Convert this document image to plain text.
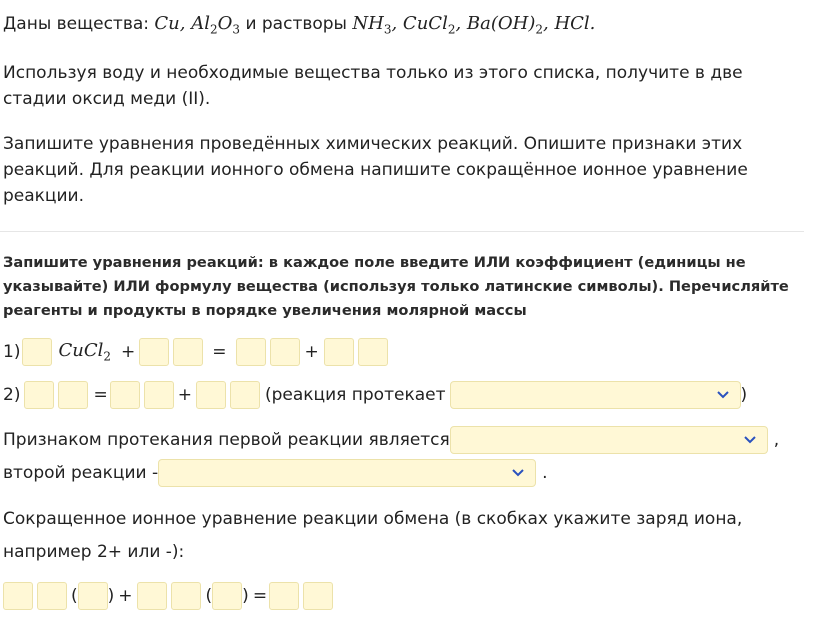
Даны вещества: Cu, $Al_2O_3$ и растворы $NH_3$, CuCl$_2$, $Ba(OH)_2$, HCl.

Используя воду и необходимые вещества только из этого списка, получите в две стадии оксид меди (II).

Запишите уравнения проведённых химических реакций. Опишите признаки этих реакций. Для реакции ионного обмена напишите сокращённое ионное уравнение реакции.

Запишите уравнения реакций: в каждое поле введите ИЛИ коэффициент (единицы не указывайте) ИЛИ формулу вещества (используя только латинские символы). Перечисляйте реагенты и продукты в порядке увеличения молярной массы
1) CuCl$_2$ +	=	+
2)	=	+	(реакция протекает	)
Признаком протекания первой реакции является	,
второй реакции -	.
Сокращенное ионное уравнение реакции обмена (в скобках укажите заряд иона,
например 2+ или -):
( ) +	( ) =
